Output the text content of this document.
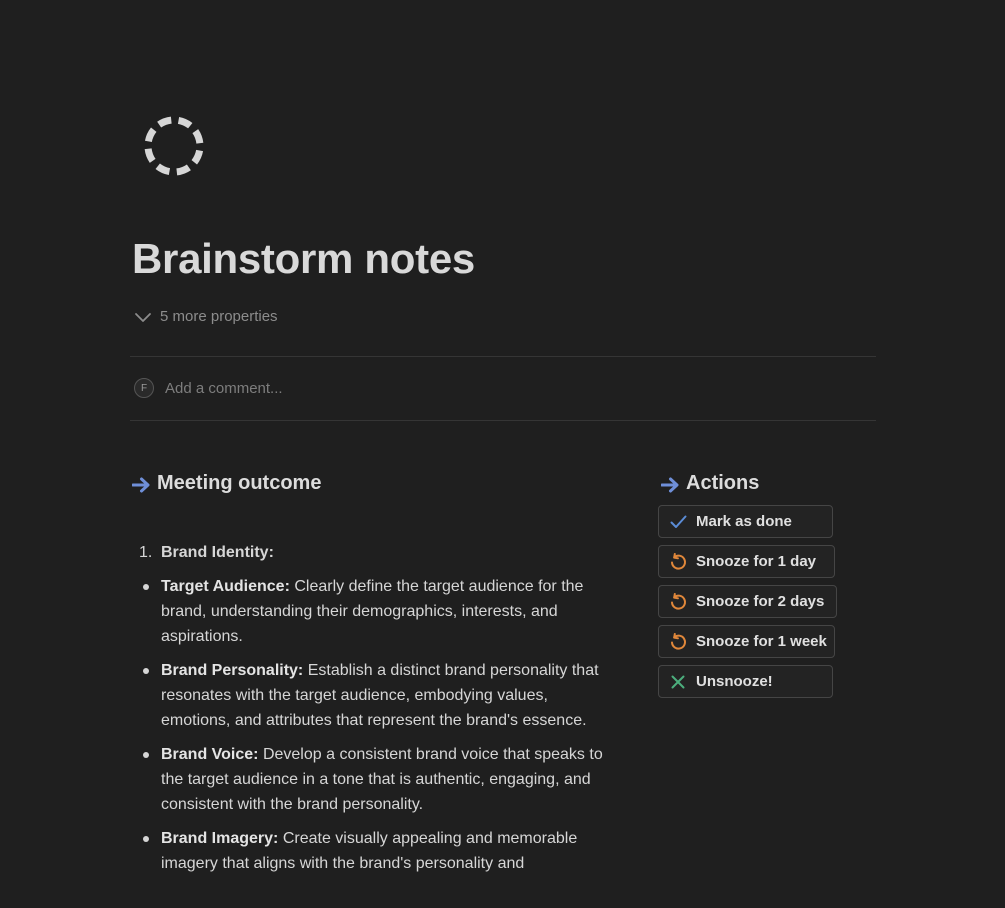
Brainstorm notes
5 more properties
F
Add a comment...
Meeting outcome
1. Brand Identity:
Target Audience: Clearly define the target audience for the brand, understanding their demographics, interests, and aspirations.
Brand Personality: Establish a distinct brand personality that resonates with the target audience, embodying values, emotions, and attributes that represent the brand's essence.
Brand Voice: Develop a consistent brand voice that speaks to the target audience in a tone that is authentic, engaging, and consistent with the brand personality.
Brand Imagery: Create visually appealing and memorable imagery that aligns with the brand's personality and
Actions
Mark as done
Snooze for 1 day
Snooze for 2 days
Snooze for 1 week
Unsnooze!
